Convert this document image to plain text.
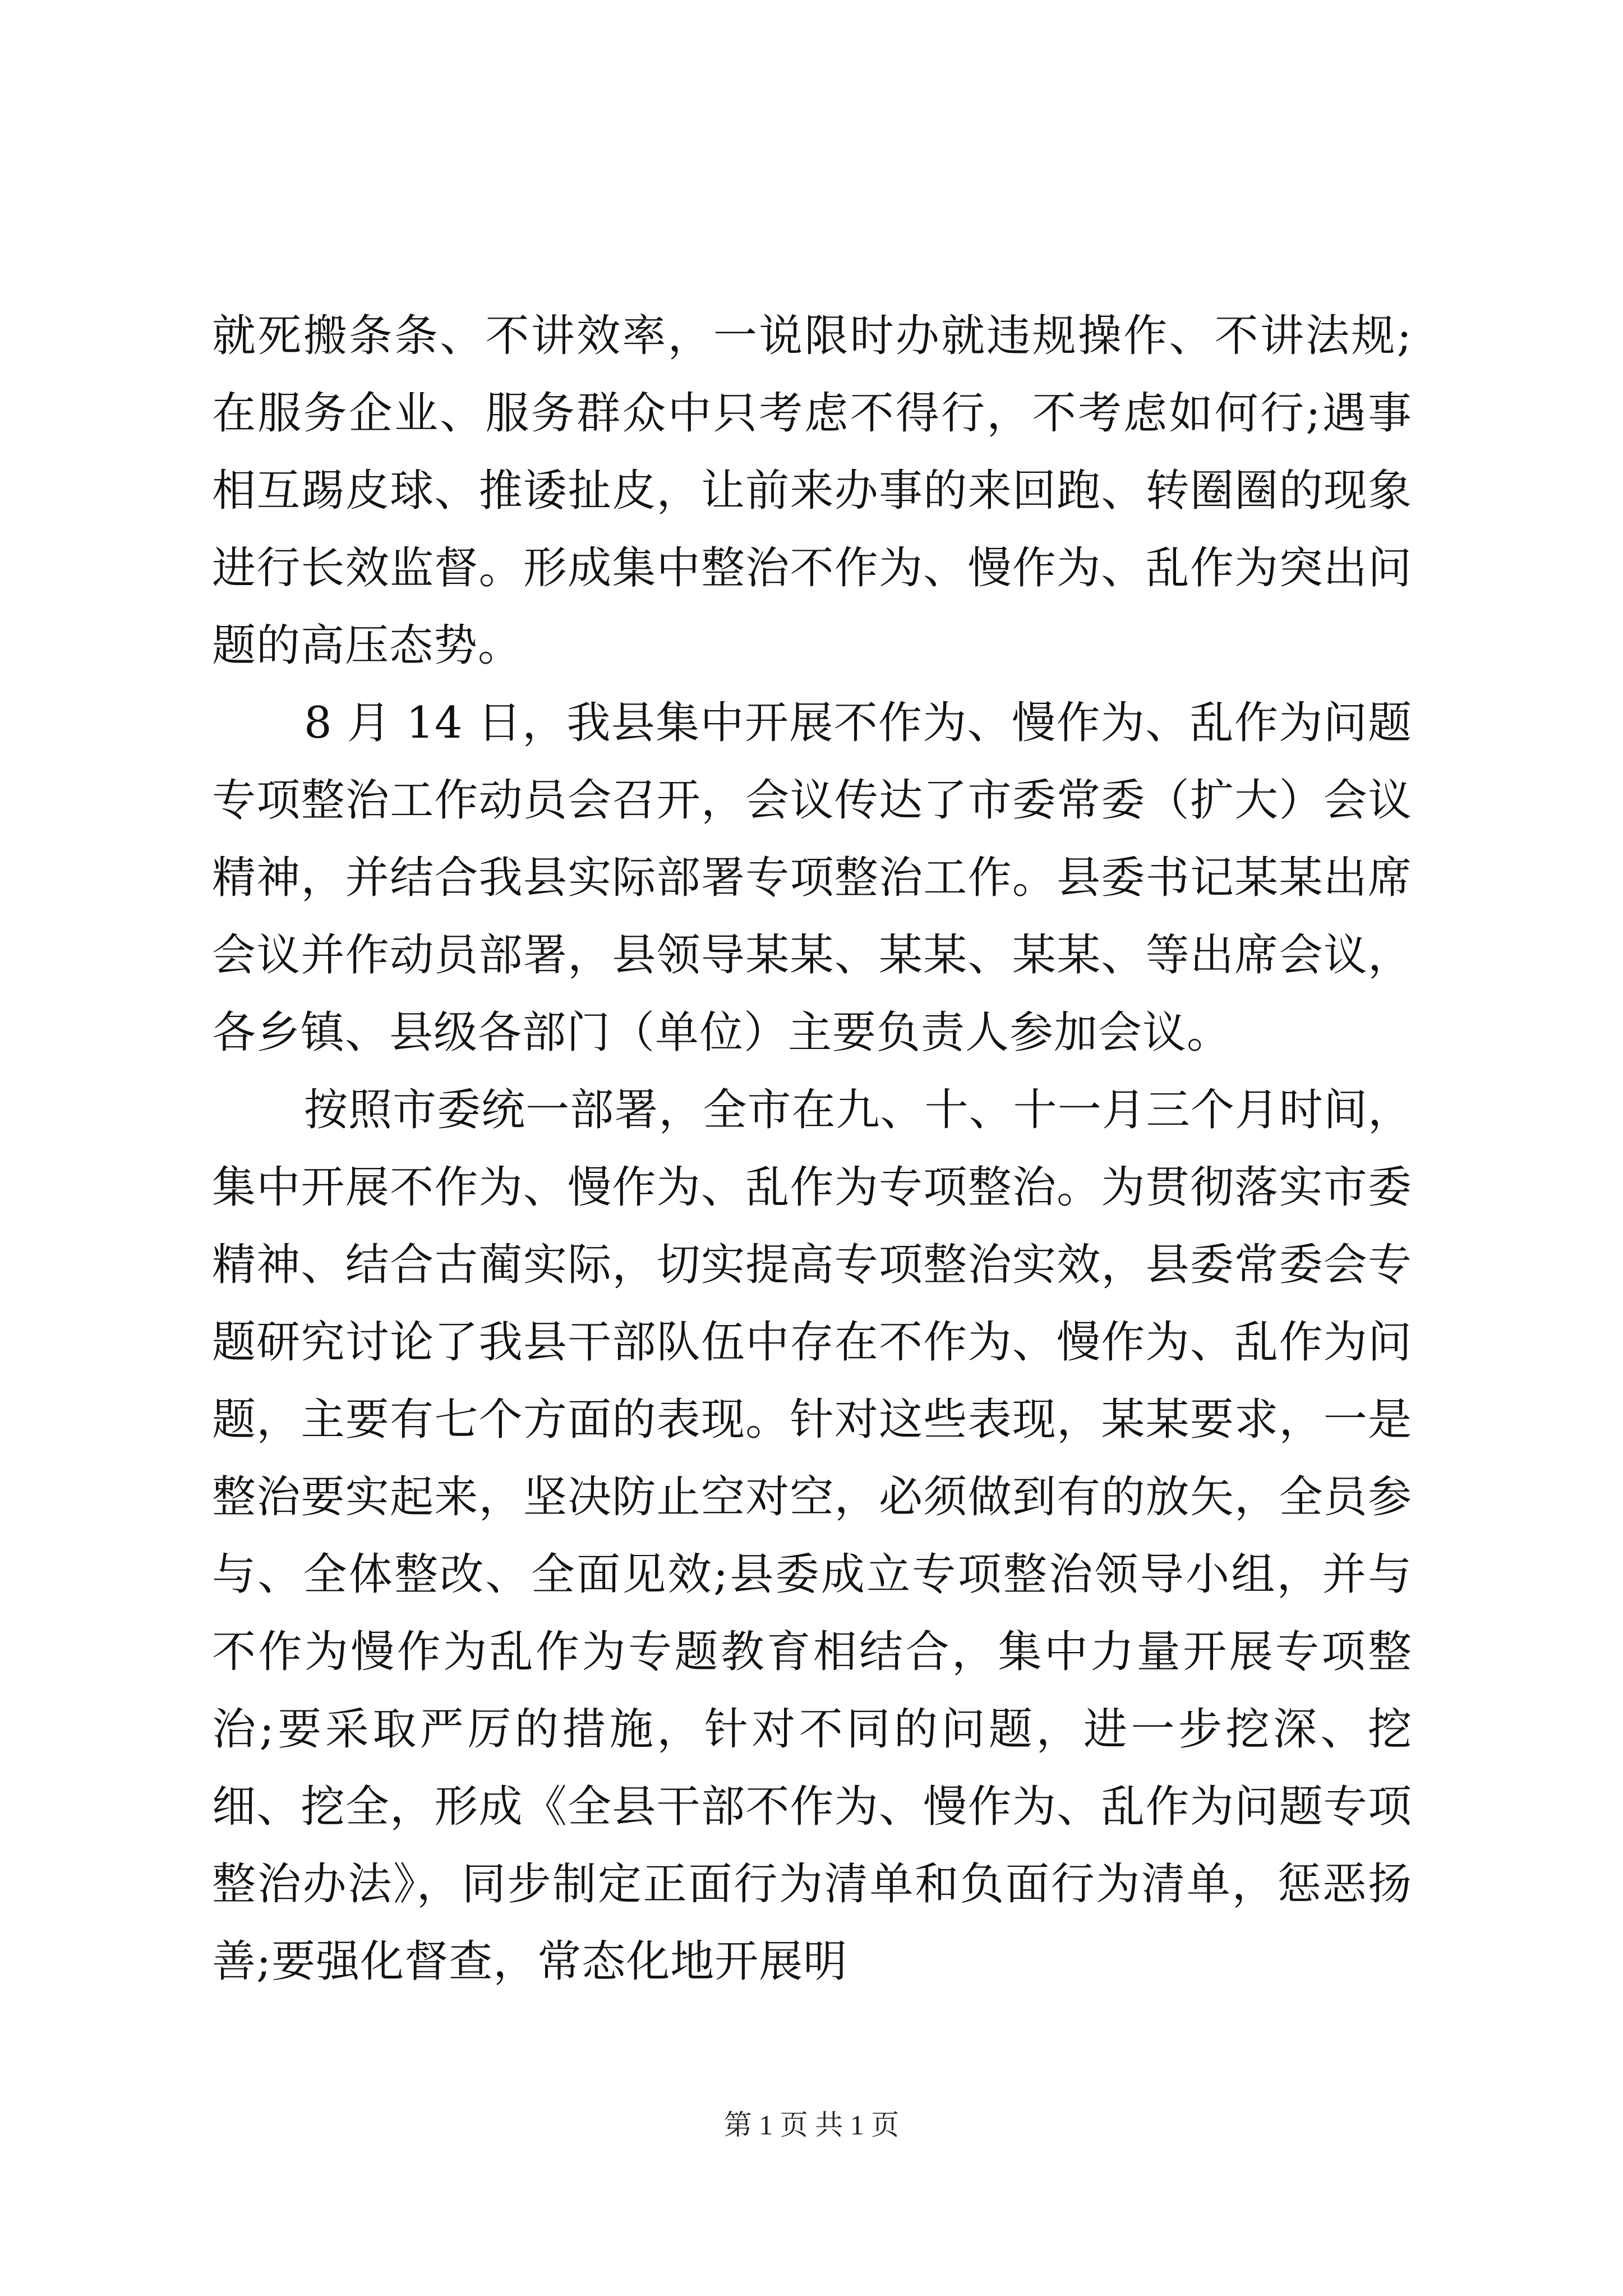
就死搬条条、不讲效率，一说限时办就违规操作、不讲法规;在服务企业、服务群众中只考虑不得行，不考虑如何行;遇事相互踢皮球、推诿扯皮，让前来办事的来回跑、转圈圈的现象进行长效监督。形成集中整治不作为、慢作为、乱作为突出问题的高压态势。

8 月 14 日，我县集中开展不作为、慢作为、乱作为问题专项整治工作动员会召开，会议传达了市委常委（扩大）会议精神，并结合我县实际部署专项整治工作。县委书记某某出席会议并作动员部署，县领导某某、某某、某某、等出席会议，各乡镇、县级各部门（单位）主要负责人参加会议。

按照市委统一部署，全市在九、十、十一月三个月时间，集中开展不作为、慢作为、乱作为专项整治。为贯彻落实市委精神、结合古蔺实际，切实提高专项整治实效，县委常委会专题研究讨论了我县干部队伍中存在不作为、慢作为、乱作为问题，主要有七个方面的表现。针对这些表现，某某要求，一是整治要实起来，坚决防止空对空，必须做到有的放矢，全员参与、全体整改、全面见效;县委成立专项整治领导小组，并与不作为慢作为乱作为专题教育相结合，集中力量开展专项整治;要采取严厉的措施，针对不同的问题，进一步挖深、挖细、挖全，形成《全县干部不作为、慢作为、乱作为问题专项整治办法》，同步制定正面行为清单和负面行为清单，惩恶扬善;要强化督查，常态化地开展明

第 1 页 共 1 页
